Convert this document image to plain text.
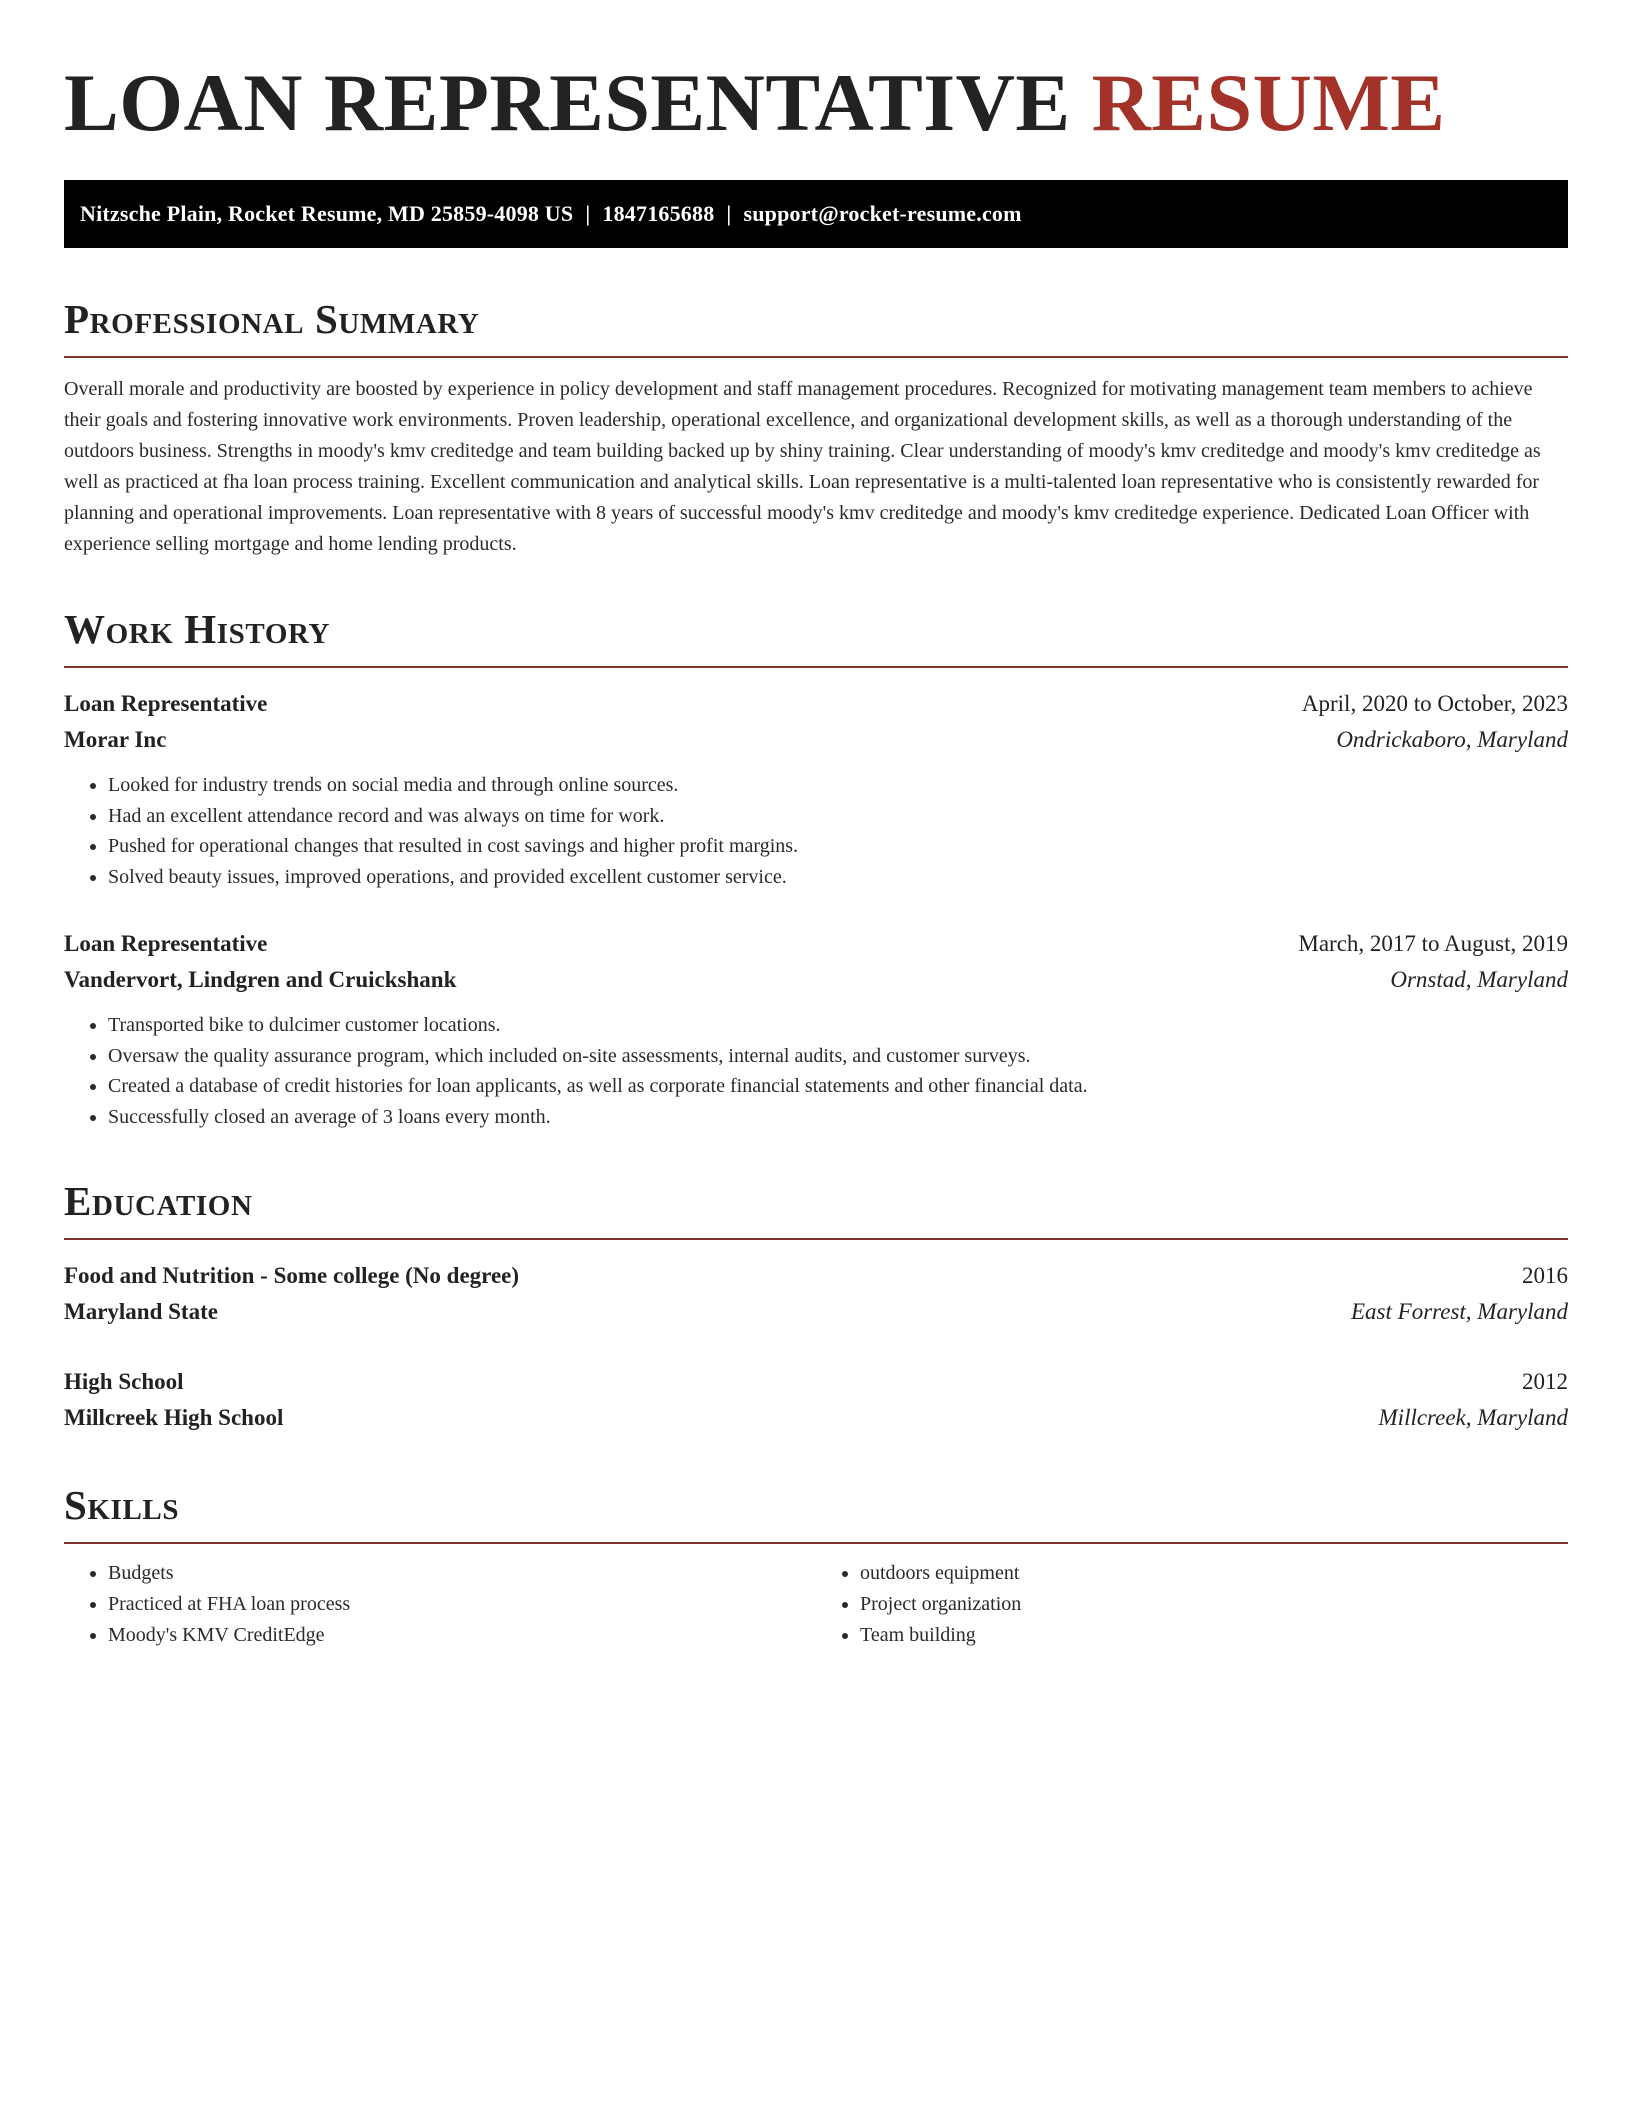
LOAN REPRESENTATIVE RESUME
Nitzsche Plain, Rocket Resume, MD 25859-4098 US | 1847165688 | support@rocket-resume.com
Professional Summary

Overall morale and productivity are boosted by experience in policy development and staff management procedures. Recognized for motivating management team members to achieve their goals and fostering innovative work environments. Proven leadership, operational excellence, and organizational development skills, as well as a thorough understanding of the outdoors business. Strengths in moody's kmv creditedge and team building backed up by shiny training. Clear understanding of moody's kmv creditedge and moody's kmv creditedge as well as practiced at fha loan process training. Excellent communication and analytical skills. Loan representative is a multi-talented loan representative who is consistently rewarded for planning and operational improvements. Loan representative with 8 years of successful moody's kmv creditedge and moody's kmv creditedge experience. Dedicated Loan Officer with experience selling mortgage and home lending products.

Work History
Loan Representative	April, 2020 to October, 2023
Morar Inc	Ondrickaboro, Maryland
• Looked for industry trends on social media and through online sources.
• Had an excellent attendance record and was always on time for work.
• Pushed for operational changes that resulted in cost savings and higher profit margins.
• Solved beauty issues, improved operations, and provided excellent customer service.
Loan Representative	March, 2017 to August, 2019
Vandervort, Lindgren and Cruickshank	Ornstad, Maryland
• Transported bike to dulcimer customer locations.
• Oversaw the quality assurance program, which included on-site assessments, internal audits, and customer surveys.
• Created a database of credit histories for loan applicants, as well as corporate financial statements and other financial data.
• Successfully closed an average of 3 loans every month.
Education
Food and Nutrition - Some college (No degree)	2016
Maryland State	East Forrest, Maryland
High School	2012
Millcreek High School	Millcreek, Maryland
Skills
• Budgets
• Practiced at FHA loan process
• Moody's KMV CreditEdge
• outdoors equipment
• Project organization
• Team building
